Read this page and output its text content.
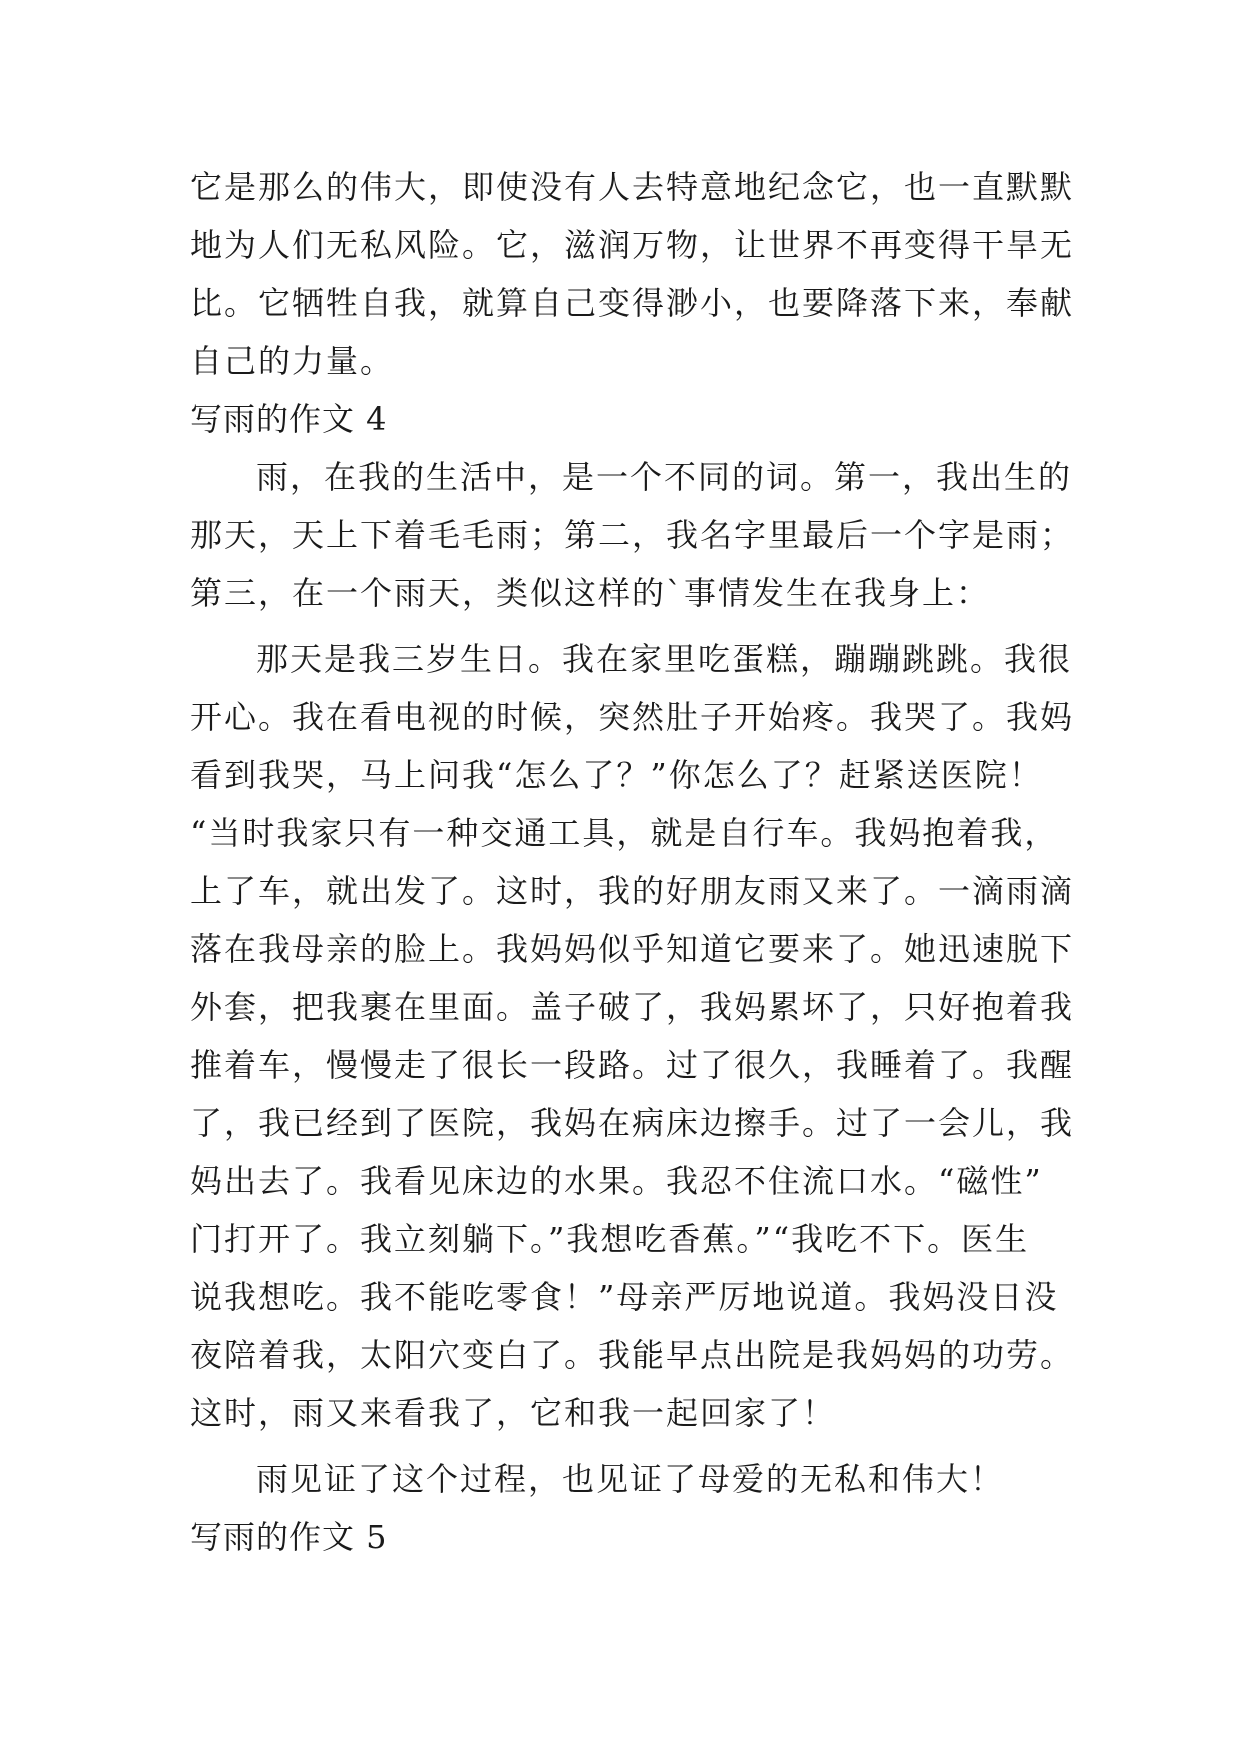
它是那么的伟大，即使没有人去特意地纪念它，也一直默默
地为人们无私风险。它，滋润万物，让世界不再变得干旱无
比。它牺牲自我，就算自己变得渺小，也要降落下来，奉献
自己的力量。
写雨的作文 4
雨，在我的生活中，是一个不同的词。第一，我出生的
那天，天上下着毛毛雨；第二，我名字里最后一个字是雨；
第三，在一个雨天，类似这样的`事情发生在我身上：
那天是我三岁生日。我在家里吃蛋糕，蹦蹦跳跳。我很
开心。我在看电视的时候，突然肚子开始疼。我哭了。我妈
看到我哭，马上问我“怎么了？”你怎么了？赶紧送医院！
“当时我家只有一种交通工具，就是自行车。我妈抱着我，
上了车，就出发了。这时，我的好朋友雨又来了。一滴雨滴
落在我母亲的脸上。我妈妈似乎知道它要来了。她迅速脱下
外套，把我裹在里面。盖子破了，我妈累坏了，只好抱着我
推着车，慢慢走了很长一段路。过了很久，我睡着了。我醒
了，我已经到了医院，我妈在病床边擦手。过了一会儿，我
妈出去了。我看见床边的水果。我忍不住流口水。“磁性”
门打开了。我立刻躺下。”我想吃香蕉。”“我吃不下。医生
说我想吃。我不能吃零食！”母亲严厉地说道。我妈没日没
夜陪着我，太阳穴变白了。我能早点出院是我妈妈的功劳。
这时，雨又来看我了，它和我一起回家了！
雨见证了这个过程，也见证了母爱的无私和伟大！
写雨的作文 5
